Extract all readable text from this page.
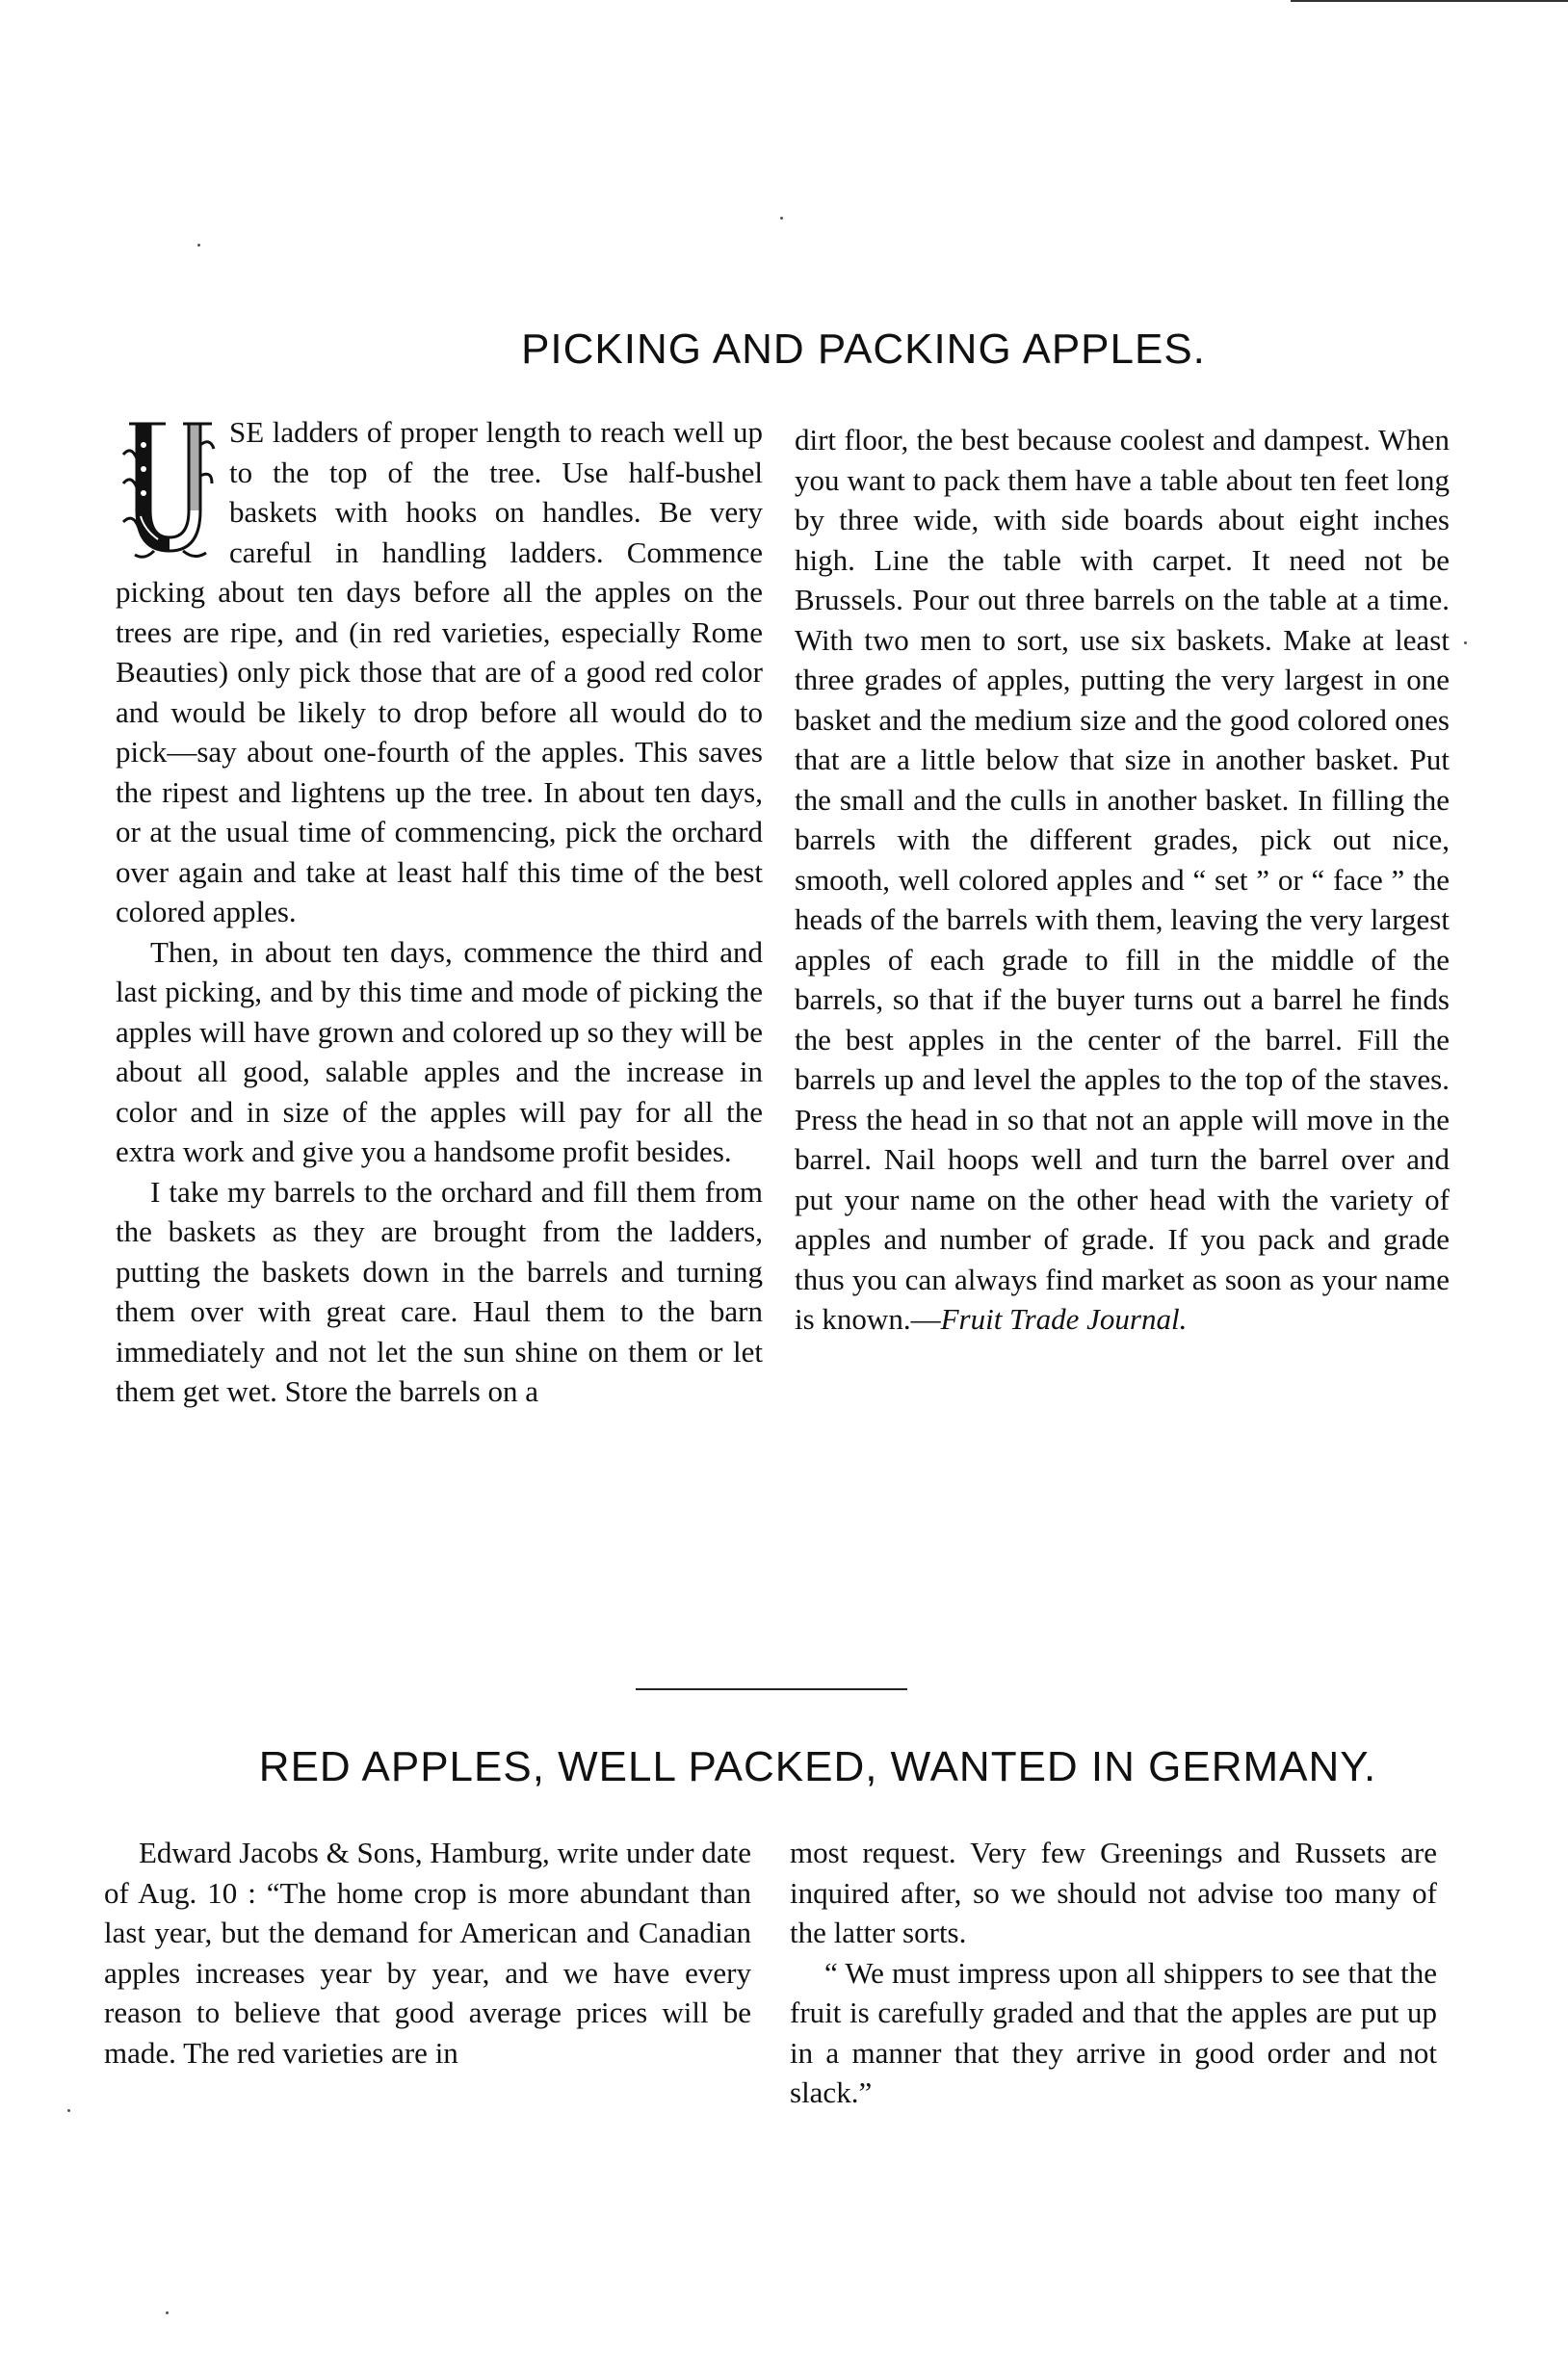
PICKING AND PACKING APPLES.

SE ladders of proper length to reach well up to the top of the tree. Use half-bushel baskets with hooks on handles. Be very careful in handling ladders. Commence picking about ten days before all the apples on the trees are ripe, and (in red varieties, especially Rome Beauties) only pick those that are of a good red color and would be likely to drop before all would do to pick—say about one-fourth of the apples. This saves the ripest and lightens up the tree. In about ten days, or at the usual time of commencing, pick the orchard over again and take at least half this time of the best colored apples.

Then, in about ten days, commence the third and last picking, and by this time and mode of picking the apples will have grown and colored up so they will be about all good, salable apples and the increase in color and in size of the apples will pay for all the extra work and give you a handsome profit besides.

I take my barrels to the orchard and fill them from the baskets as they are brought from the ladders, putting the baskets down in the barrels and turning them over with great care. Haul them to the barn immediately and not let the sun shine on them or let them get wet. Store the barrels on a

dirt floor, the best because coolest and dampest. When you want to pack them have a table about ten feet long by three wide, with side boards about eight inches high. Line the table with carpet. It need not be Brussels. Pour out three barrels on the table at a time. With two men to sort, use six baskets. Make at least three grades of apples, putting the very largest in one basket and the medium size and the good colored ones that are a little below that size in another basket. Put the small and the culls in another basket. In filling the barrels with the different grades, pick out nice, smooth, well colored apples and “ set ” or “ face ” the heads of the barrels with them, leaving the very largest apples of each grade to fill in the middle of the barrels, so that if the buyer turns out a barrel he finds the best apples in the center of the barrel. Fill the barrels up and level the apples to the top of the staves. Press the head in so that not an apple will move in the barrel. Nail hoops well and turn the barrel over and put your name on the other head with the variety of apples and number of grade. If you pack and grade thus you can always find market as soon as your name is known.—Fruit Trade Journal.

RED APPLES, WELL PACKED, WANTED IN GERMANY.

Edward Jacobs & Sons, Hamburg, write under date of Aug. 10 : “The home crop is more abundant than last year, but the demand for American and Canadian apples increases year by year, and we have every reason to believe that good average prices will be made. The red varieties are in

most request. Very few Greenings and Russets are inquired after, so we should not advise too many of the latter sorts.

“ We must impress upon all shippers to see that the fruit is carefully graded and that the apples are put up in a manner that they arrive in good order and not slack.”
